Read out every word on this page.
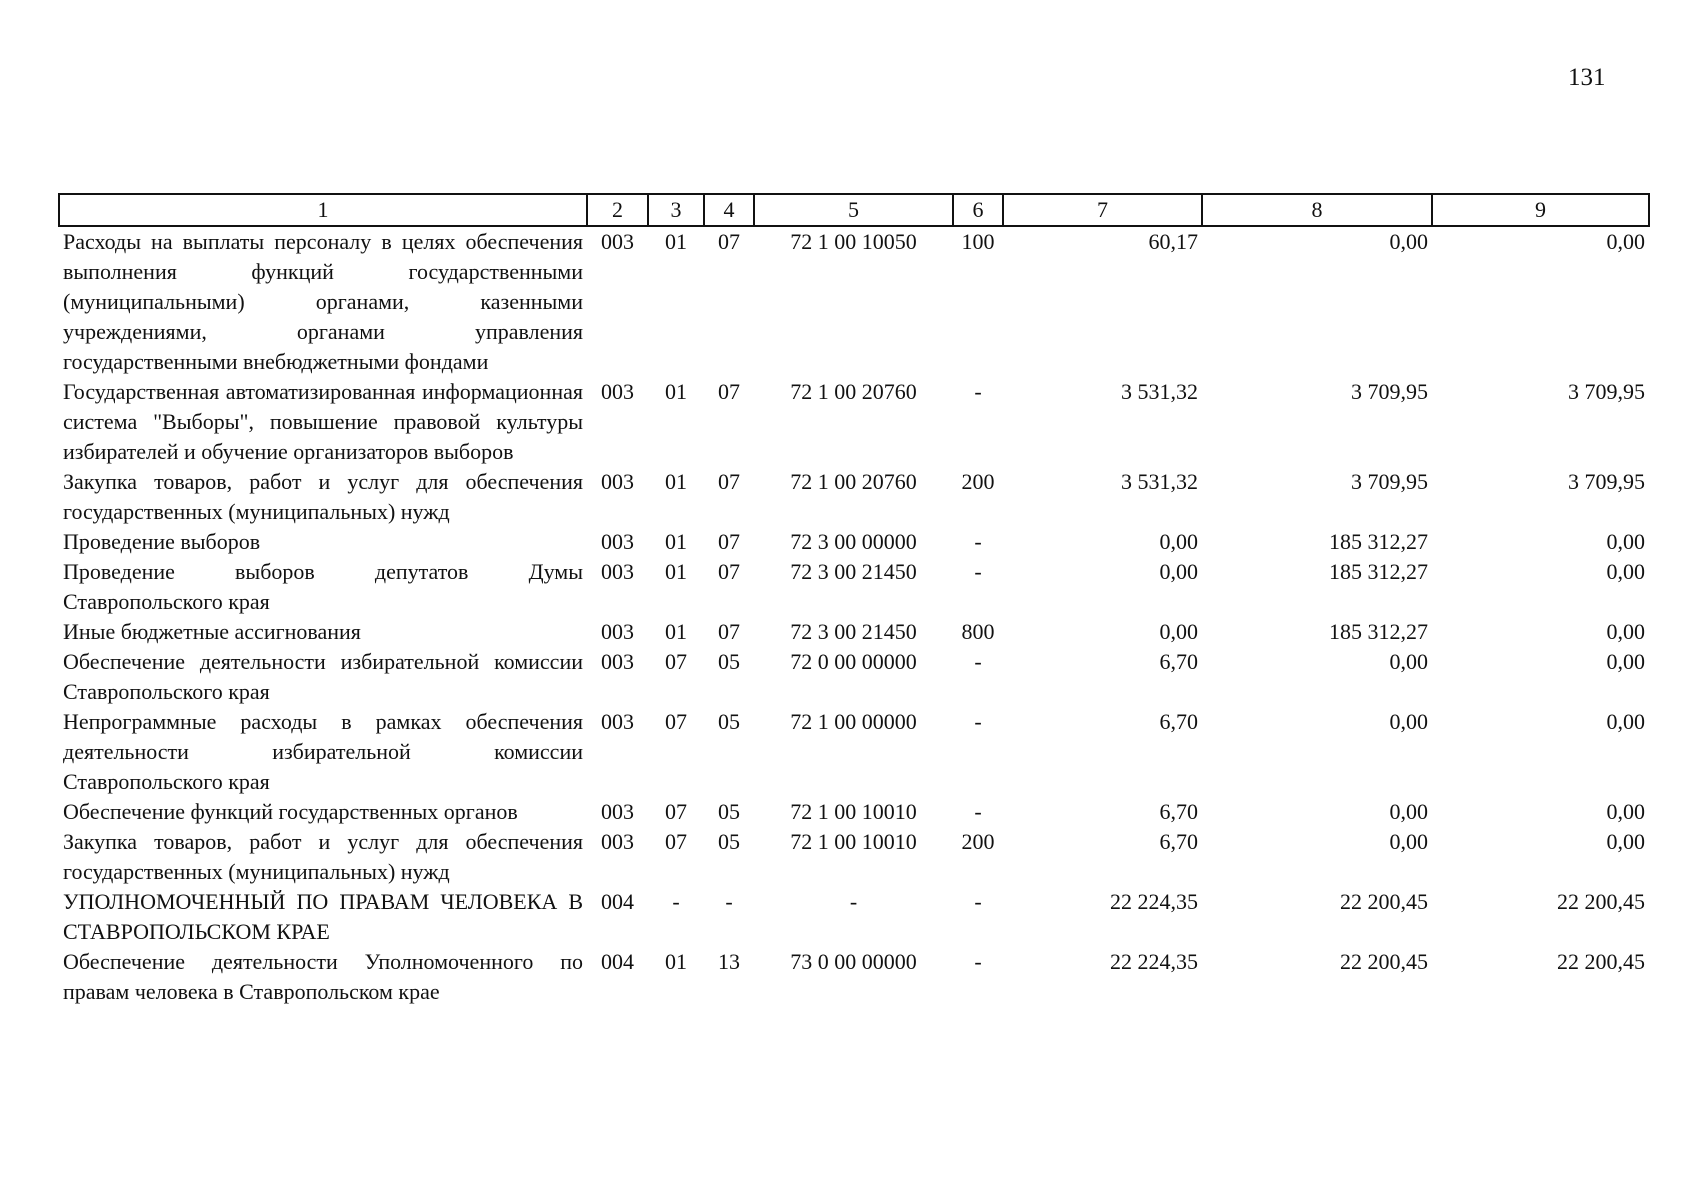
131
1	2	3	4	5	6	7	8	9
Расходы на выплаты персоналу в целях обеспечения выполнения функций государственными (муниципальными) органами, казенными учреждениями, органами управления государственными внебюджетными фондами	003	01	07	72 1 00 10050	100	60,17	0,00	0,00
Государственная автоматизированная информационная система "Выборы", повышение правовой культуры избирателей и обучение организаторов выборов	003	01	07	72 1 00 20760	-	3 531,32	3 709,95	3 709,95
Закупка товаров, работ и услуг для обеспечения государственных (муниципальных) нужд	003	01	07	72 1 00 20760	200	3 531,32	3 709,95	3 709,95
Проведение выборов	003	01	07	72 3 00 00000	-	0,00	185 312,27	0,00
Проведение выборов депутатов Думы Ставропольского края	003	01	07	72 3 00 21450	-	0,00	185 312,27	0,00
Иные бюджетные ассигнования	003	01	07	72 3 00 21450	800	0,00	185 312,27	0,00
Обеспечение деятельности избирательной комиссии Ставропольского края	003	07	05	72 0 00 00000	-	6,70	0,00	0,00
Непрограммные расходы в рамках обеспечения деятельности избирательной комиссии Ставропольского края	003	07	05	72 1 00 00000	-	6,70	0,00	0,00
Обеспечение функций государственных органов	003	07	05	72 1 00 10010	-	6,70	0,00	0,00
Закупка товаров, работ и услуг для обеспечения государственных (муниципальных) нужд	003	07	05	72 1 00 10010	200	6,70	0,00	0,00
УПОЛНОМОЧЕННЫЙ ПО ПРАВАМ ЧЕЛОВЕКА В СТАВРОПОЛЬСКОМ КРАЕ	004	-	-	-	-	22 224,35	22 200,45	22 200,45
Обеспечение деятельности Уполномоченного по правам человека в Ставропольском крае	004	01	13	73 0 00 00000	-	22 224,35	22 200,45	22 200,45
